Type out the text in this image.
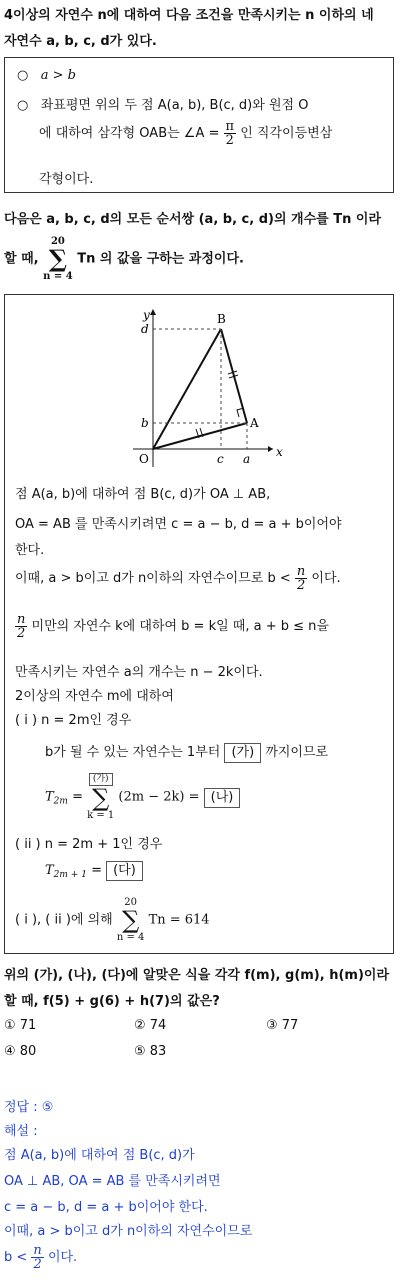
4이상의 자연수 n에 대하여 다음 조건을 만족시키는 n 이하의 네
자연수 a, b, c, d가 있다.
○ a > b
○ 좌표평면 위의 두 점 A(a, b), B(c, d)와 원점 O
에 대하여 삼각형 OAB는 ∠A = $\frac{\pi}{2}$ 인 직각이등변삼
각형이다.
다음은 a, b, c, d의 모든 순서쌍 (a, b, c, d)의 개수를 Tn 이라
할 때,
20
∑
n = 4
Tn 의 값을 구하는 과정이다.
y
x
O
d
b
c a
B
A
점 A(a, b)에 대하여 점 B(c, d)가 OA ⊥ AB,
OA = AB 를 만족시키려면 c = a − b, d = a + b이어야
한다.
이때, a > b이고 d가 n이하의 자연수이므로 $b < \frac{n}{2}$ 이다.
$\frac{n}{2}$ 미만의 자연수 k에 대하여 b = k일 때, a + b ≤ n을
만족시키는 자연수 a의 개수는 n − 2k이다.
2이상의 자연수 m에 대하여
( i ) n = 2m인 경우
b가 될 수 있는 자연수는 1부터 (가) 까지이므로
$T_{2m}$ =
(가)
∑
k = 1
(2m − 2k) = (나)
( ii ) n = 2m + 1인 경우
$T_{2m + 1}$ = (다)
( i ), ( ii )에 의해
20
∑
n = 4
Tn = 614
위의 (가), (나), (다)에 알맞은 식을 각각 f(m), g(m), h(m)이라
할 때, f(5) + g(6) + h(7)의 값은?
① 71	② 74	③ 77
④ 80	⑤ 83
정답 : ⑤
해설 :
점 A(a, b)에 대하여 점 B(c, d)가
OA ⊥ AB, OA = AB 를 만족시키려면
c = a − b, d = a + b이어야 한다.
이때, a > b이고 d가 n이하의 자연수이므로
$b < \frac{n}{2}$ 이다.
